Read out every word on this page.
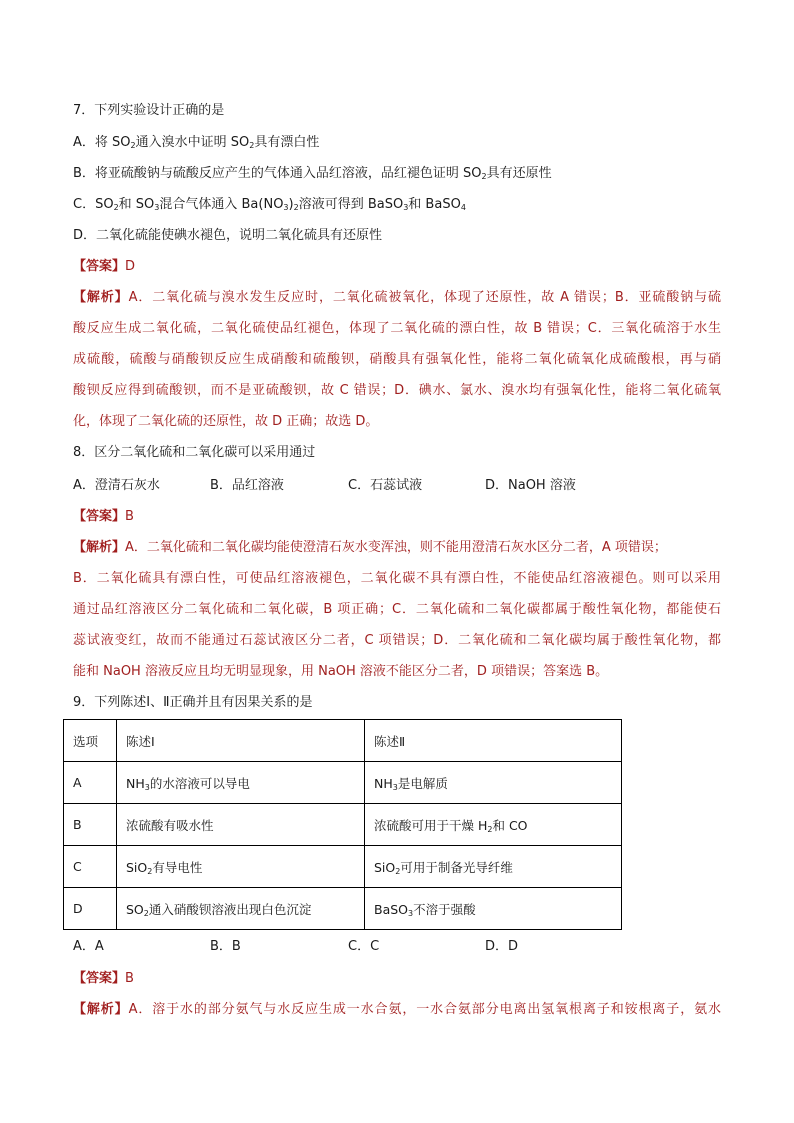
7．下列实验设计正确的是
A．将 $SO_2$通入溴水中证明 $SO_2$具有漂白性
B．将亚硫酸钠与硫酸反应产生的气体通入品红溶液，品红褪色证明 $SO_2$具有还原性
C．$SO_2$和 $SO_3$混合气体通入 $Ba(NO_3)_2$溶液可得到 BaSO$_3$和 BaSO$_4$
D．二氧化硫能使碘水褪色，说明二氧化硫具有还原性
【答案】D
【解析】A．二氧化硫与溴水发生反应时，二氧化硫被氧化，体现了还原性，故 A 错误；B．亚硫酸钠与硫
酸反应生成二氧化硫，二氧化硫使品红褪色，体现了二氧化硫的漂白性，故 B 错误；C．三氧化硫溶于水生
成硫酸，硫酸与硝酸钡反应生成硝酸和硫酸钡，硝酸具有强氧化性，能将二氧化硫氧化成硫酸根，再与硝
酸钡反应得到硫酸钡，而不是亚硫酸钡，故 C 错误；D．碘水、氯水、溴水均有强氧化性，能将二氧化硫氧
化，体现了二氧化硫的还原性，故 D 正确；故选 D。
8．区分二氧化硫和二氧化碳可以采用通过
A．澄清石灰水	B．品红溶液	C．石蕊试液	D．NaOH 溶液
【答案】B
【解析】A．二氧化硫和二氧化碳均能使澄清石灰水变浑浊，则不能用澄清石灰水区分二者，A 项错误；
B．二氧化硫具有漂白性，可使品红溶液褪色，二氧化碳不具有漂白性，不能使品红溶液褪色。则可以采用
通过品红溶液区分二氧化硫和二氧化碳，B 项正确；C．二氧化硫和二氧化碳都属于酸性氧化物，都能使石
蕊试液变红，故而不能通过石蕊试液区分二者，C 项错误；D．二氧化硫和二氧化碳均属于酸性氧化物，都
能和 NaOH 溶液反应且均无明显现象，用 NaOH 溶液不能区分二者，D 项错误；答案选 B。
9．下列陈述Ⅰ、Ⅱ正确并且有因果关系的是
选项	陈述Ⅰ	陈述Ⅱ
A	$NH_3$的水溶液可以导电	$NH_3$是电解质
B	浓硫酸有吸水性	浓硫酸可用于干燥 $H_2$和 CO
C	SiO$_2$有导电性	SiO$_2$可用于制备光导纤维
D	$SO_2$通入硝酸钡溶液出现白色沉淀	BaSO$_3$不溶于强酸
A．A	B．B	C．C	D．D
【答案】B
【解析】A．溶于水的部分氨气与水反应生成一水合氨，一水合氨部分电离出氢氧根离子和铵根离子，氨水
